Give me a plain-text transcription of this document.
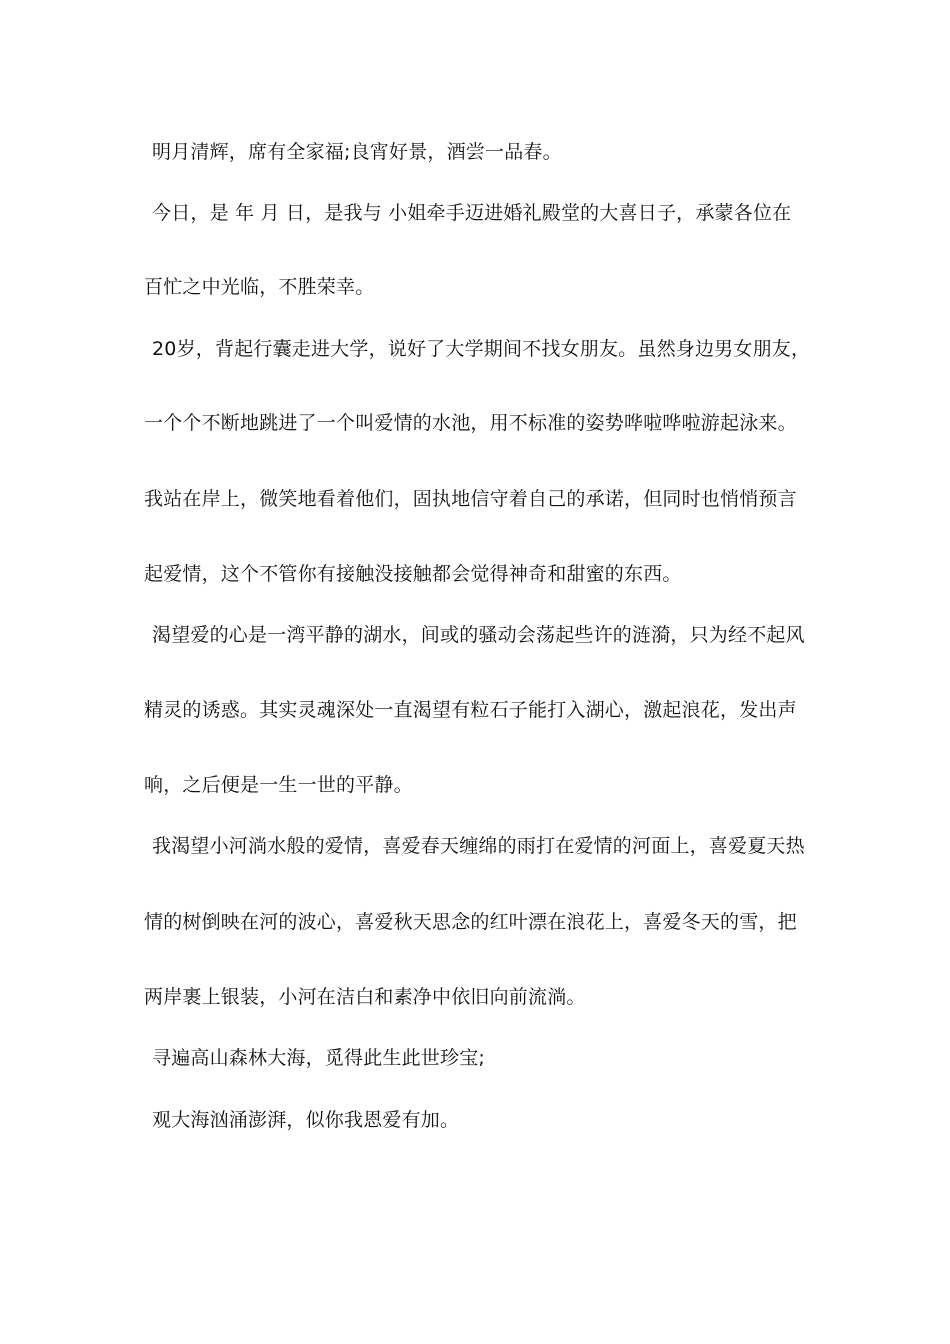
明月清辉，席有全家福;良宵好景，酒尝一品春。
今日，是 年 月 日，是我与 小姐牵手迈进婚礼殿堂的大喜日子，承蒙各位在
百忙之中光临，不胜荣幸。
20岁，背起行囊走进大学，说好了大学期间不找女朋友。虽然身边男女朋友，
一个个不断地跳进了一个叫爱情的水池，用不标准的姿势哗啦哗啦游起泳来。
我站在岸上，微笑地看着他们，固执地信守着自己的承诺，但同时也悄悄预言
起爱情，这个不管你有接触没接触都会觉得神奇和甜蜜的东西。
渴望爱的心是一湾平静的湖水，间或的骚动会荡起些许的涟漪，只为经不起风
精灵的诱惑。其实灵魂深处一直渴望有粒石子能打入湖心，激起浪花，发出声
响，之后便是一生一世的平静。
我渴望小河淌水般的爱情，喜爱春天缠绵的雨打在爱情的河面上，喜爱夏天热
情的树倒映在河的波心，喜爱秋天思念的红叶漂在浪花上，喜爱冬天的雪，把
两岸裹上银装，小河在洁白和素净中依旧向前流淌。
寻遍高山森林大海，觅得此生此世珍宝;
观大海汹涌澎湃，似你我恩爱有加。
